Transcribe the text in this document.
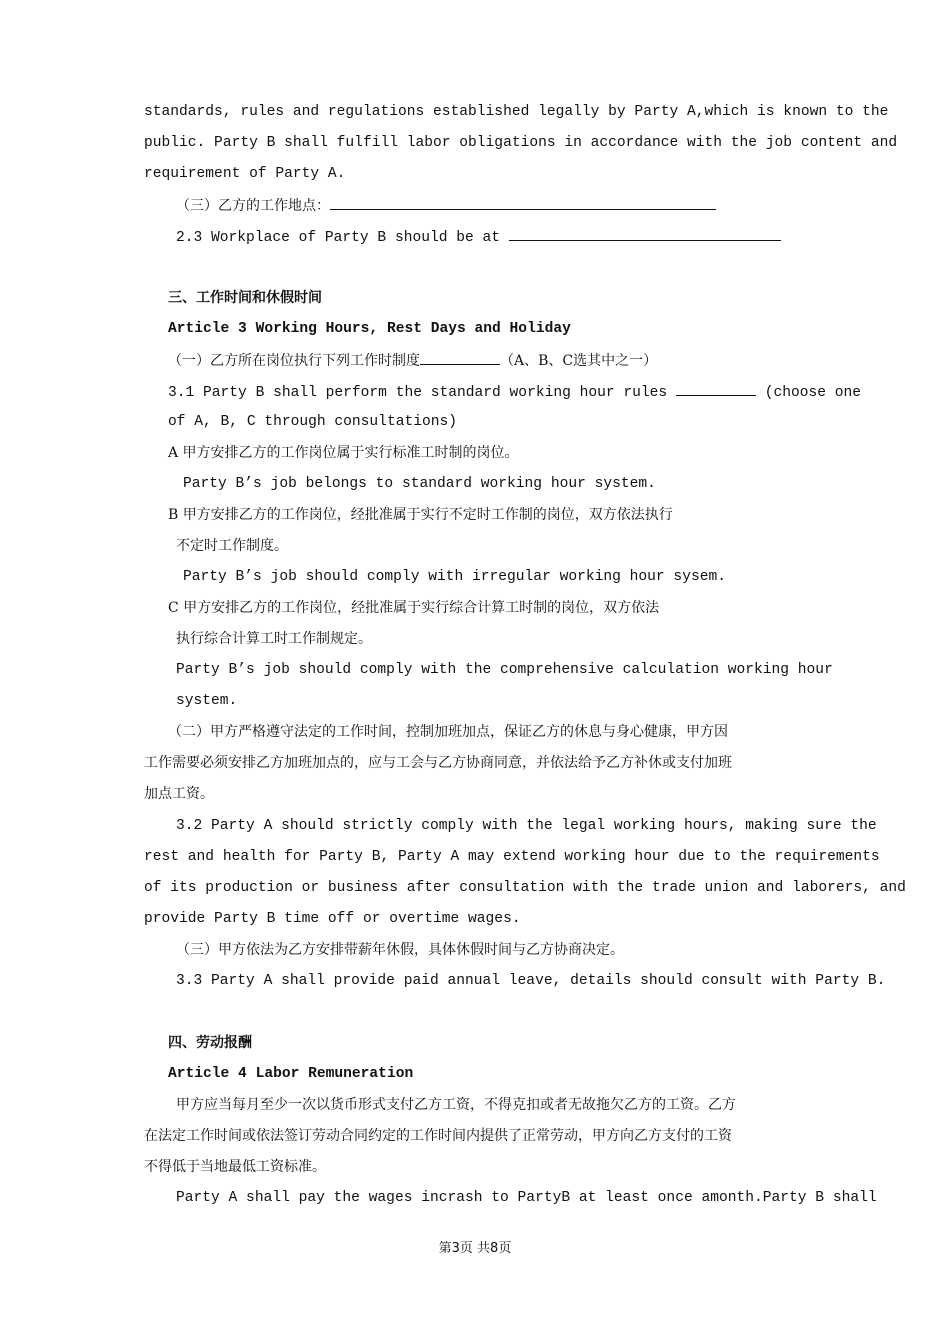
standards, rules and regulations established legally by Party A,which is known to the
public. Party B shall fulfill labor obligations in accordance with the job content and
requirement of Party A.
（三）乙方的工作地点：
2.3 Workplace of Party B should be at
三、工作时间和休假时间
Article 3 Working Hours, Rest Days and Holiday
（一）乙方所在岗位执行下列工作时制度	（A、B、C选其中之一）
3.1 Party B shall perform the standard working hour rules	(choose one
of A, B, C through consultations)
A 甲方安排乙方的工作岗位属于实行标准工时制的岗位。
Party B’s job belongs to standard working hour system.
B 甲方安排乙方的工作岗位，经批准属于实行不定时工作制的岗位，双方依法执行
不定时工作制度。
Party B’s job should comply with irregular working hour sysem.
C 甲方安排乙方的工作岗位，经批准属于实行综合计算工时制的岗位，双方依法
执行综合计算工时工作制规定。
Party B’s job should comply with the comprehensive calculation working hour
system.
（二）甲方严格遵守法定的工作时间，控制加班加点，保证乙方的休息与身心健康，甲方因
工作需要必须安排乙方加班加点的，应与工会与乙方协商同意，并依法给予乙方补休或支付加班
加点工资。
3.2 Party A should strictly comply with the legal working hours, making sure the
rest and health for Party B, Party A may extend working hour due to the requirements
of its production or business after consultation with the trade union and laborers, and
provide Party B time off or overtime wages.
（三）甲方依法为乙方安排带薪年休假，具体休假时间与乙方协商决定。
3.3 Party A shall provide paid annual leave, details should consult with Party B.
四、劳动报酬
Article 4 Labor Remuneration
甲方应当每月至少一次以货币形式支付乙方工资，不得克扣或者无故拖欠乙方的工资。乙方
在法定工作时间或依法签订劳动合同约定的工作时间内提供了正常劳动，甲方向乙方支付的工资
不得低于当地最低工资标准。
Party A shall pay the wages incrash to PartyB at least once amonth.Party B shall
第3页 共8页
